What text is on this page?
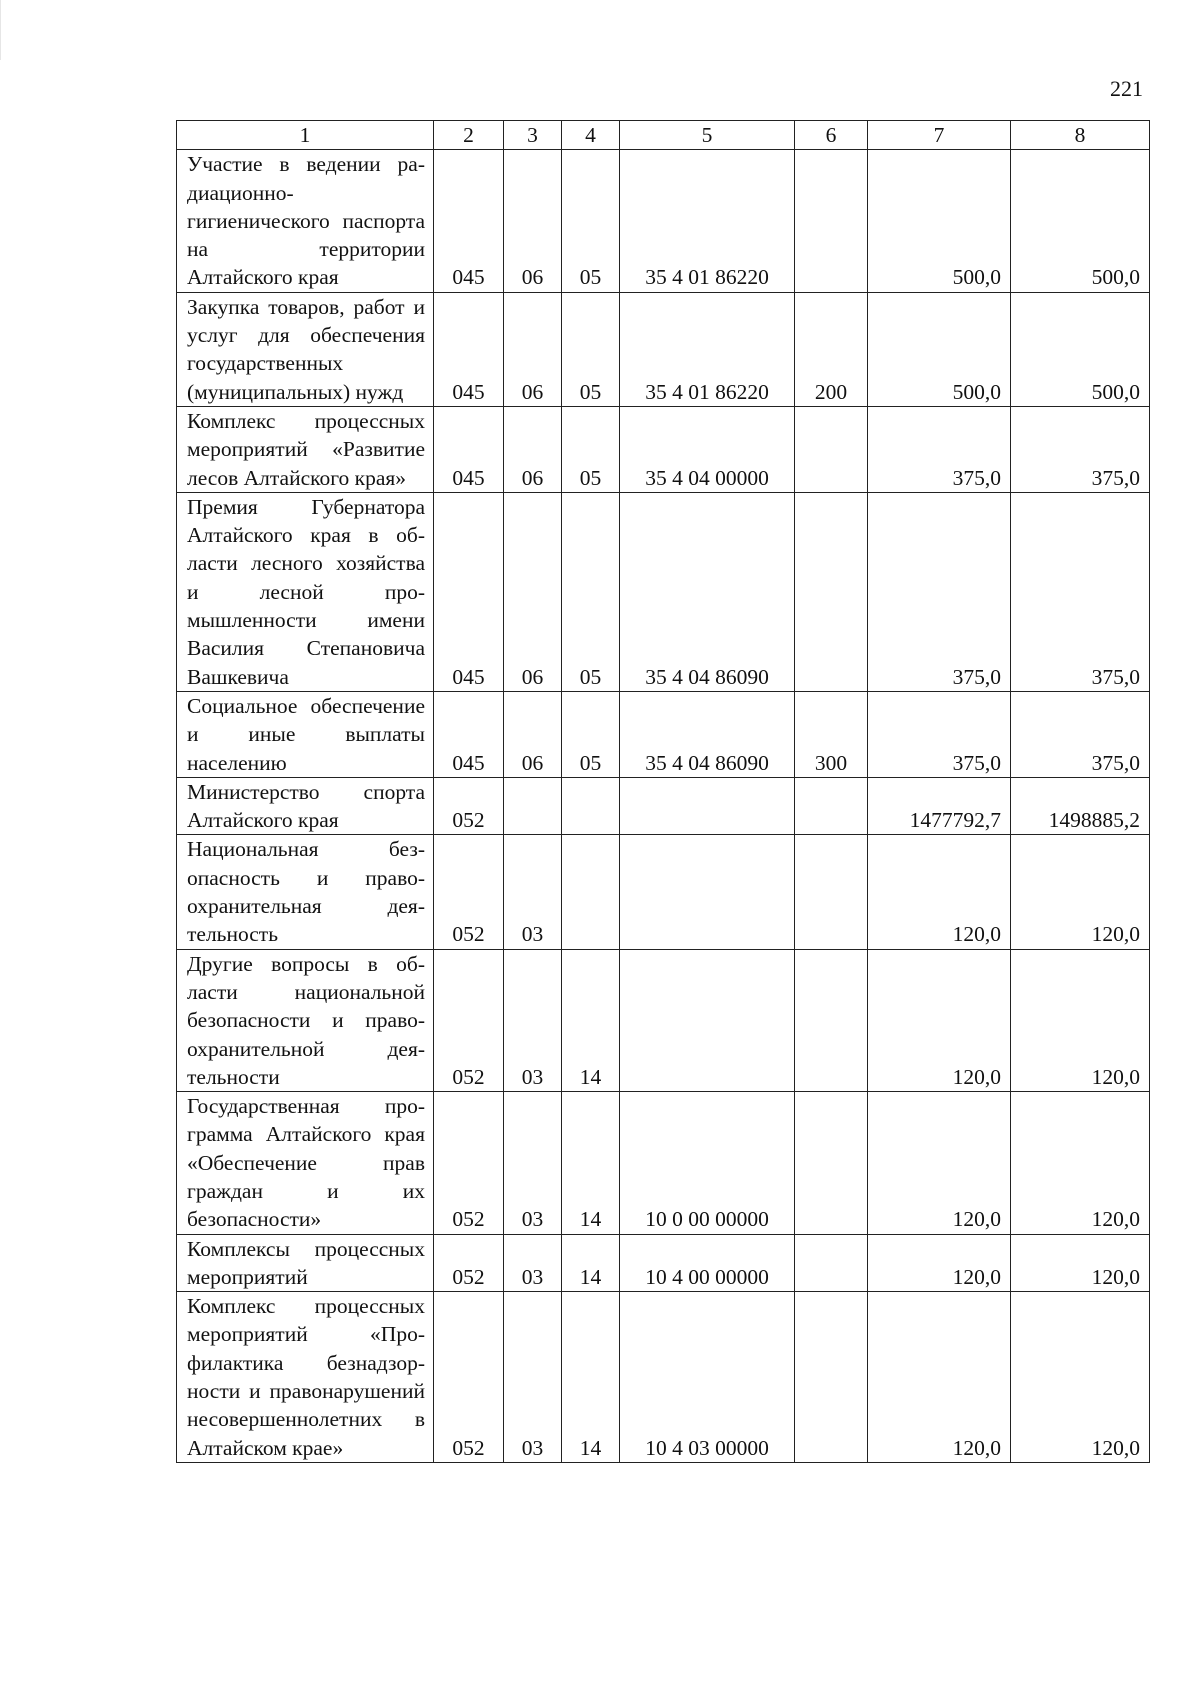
221
1	2	3	4	5	6	7	8
Участие в ведении радиационно-гигиенического паспорта на территории Алтайского края	045	06	05	35 4 01 86220		500,0	500,0
Закупка товаров, работ и услуг для обеспечения государственных (муниципальных) нужд	045	06	05	35 4 01 86220	200	500,0	500,0
Комплекс процессных мероприятий «Развитие лесов Алтайского края»	045	06	05	35 4 04 00000		375,0	375,0
Премия Губернатора Алтайского края в области лесного хозяйства и лесной промышленности имени Василия Степановича Вашкевича	045	06	05	35 4 04 86090		375,0	375,0
Социальное обеспечение и иные выплаты населению	045	06	05	35 4 04 86090	300	375,0	375,0
Министерство спорта Алтайского края	052					1477792,7	1498885,2
Национальная безопасность и правоохранительная деятельность	052	03				120,0	120,0
Другие вопросы в области национальной безопасности и правоохранительной деятельности	052	03	14			120,0	120,0
Государственная программа Алтайского края «Обеспечение прав граждан и их безопасности»	052	03	14	10 0 00 00000		120,0	120,0
Комплексы процессных мероприятий	052	03	14	10 4 00 00000		120,0	120,0
Комплекс процессных мероприятий «Профилактика безнадзорности и правонарушений несовершеннолетних в Алтайском крае»	052	03	14	10 4 03 00000		120,0	120,0
